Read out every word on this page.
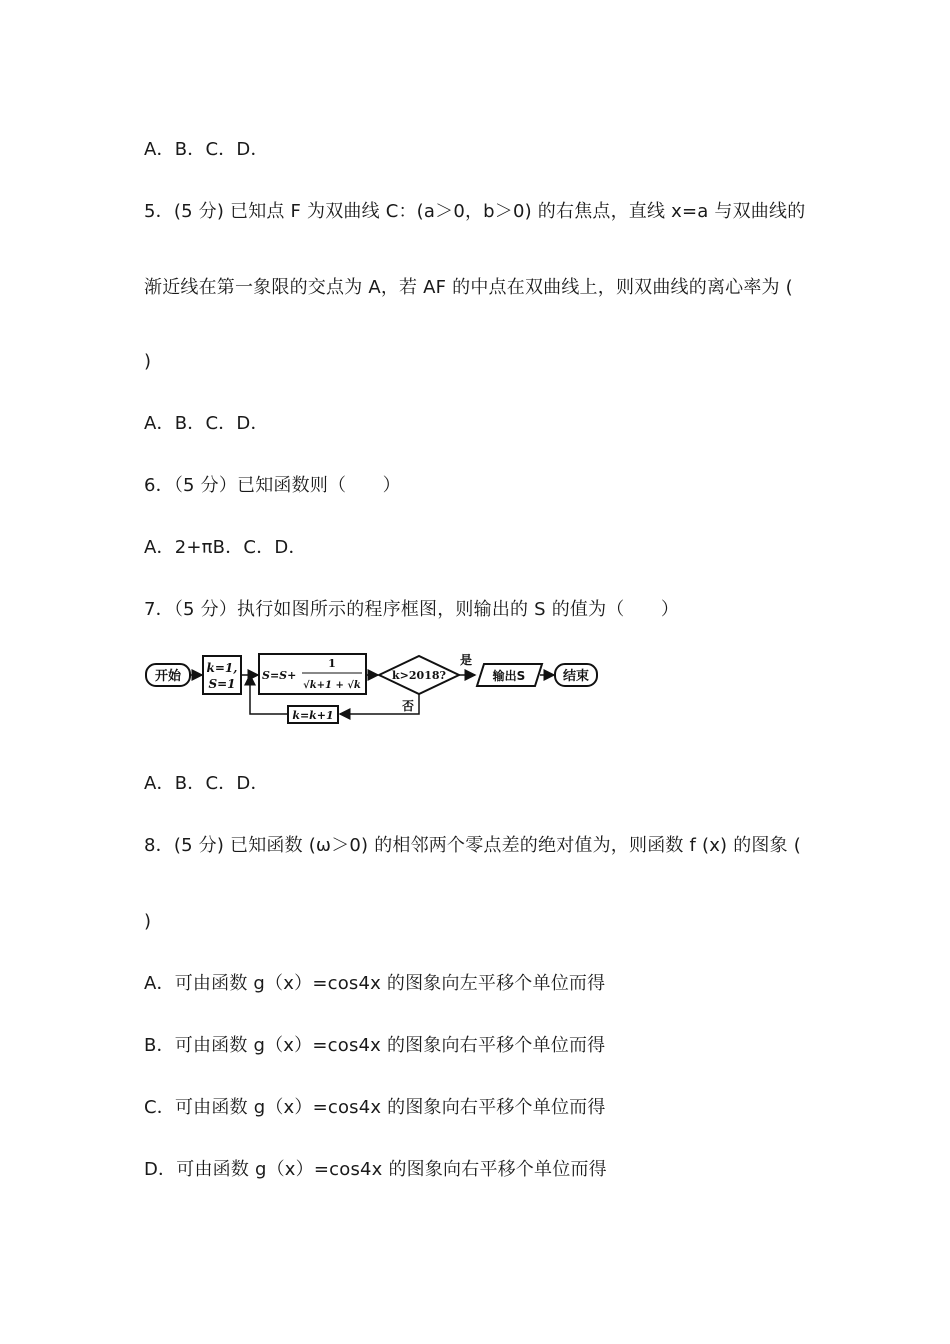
A．B．C．D．
5．(5 分) 已知点 F 为双曲线 C：(a＞0，b＞0) 的右焦点，直线 x=a 与双曲线的
渐近线在第一象限的交点为 A，若 AF 的中点在双曲线上，则双曲线的离心率为 (
)
A．B．C．D．
6．（5 分）已知函数则（　　）
A．2+πB．C．D．
7．（5 分）执行如图所示的程序框图，则输出的 S 的值为（　　）
开始
k=1,
S=1
S=S+
1
√k+1 + √k
k>2018?
是
输出S	结束
否
k=k+1
A．B．C．D．
8．(5 分) 已知函数 (ω＞0) 的相邻两个零点差的绝对值为，则函数 f (x) 的图象 (
)
A．可由函数 g（x）=cos4x 的图象向左平移个单位而得
B．可由函数 g（x）=cos4x 的图象向右平移个单位而得
C．可由函数 g（x）=cos4x 的图象向右平移个单位而得
D．可由函数 g（x）=cos4x 的图象向右平移个单位而得
